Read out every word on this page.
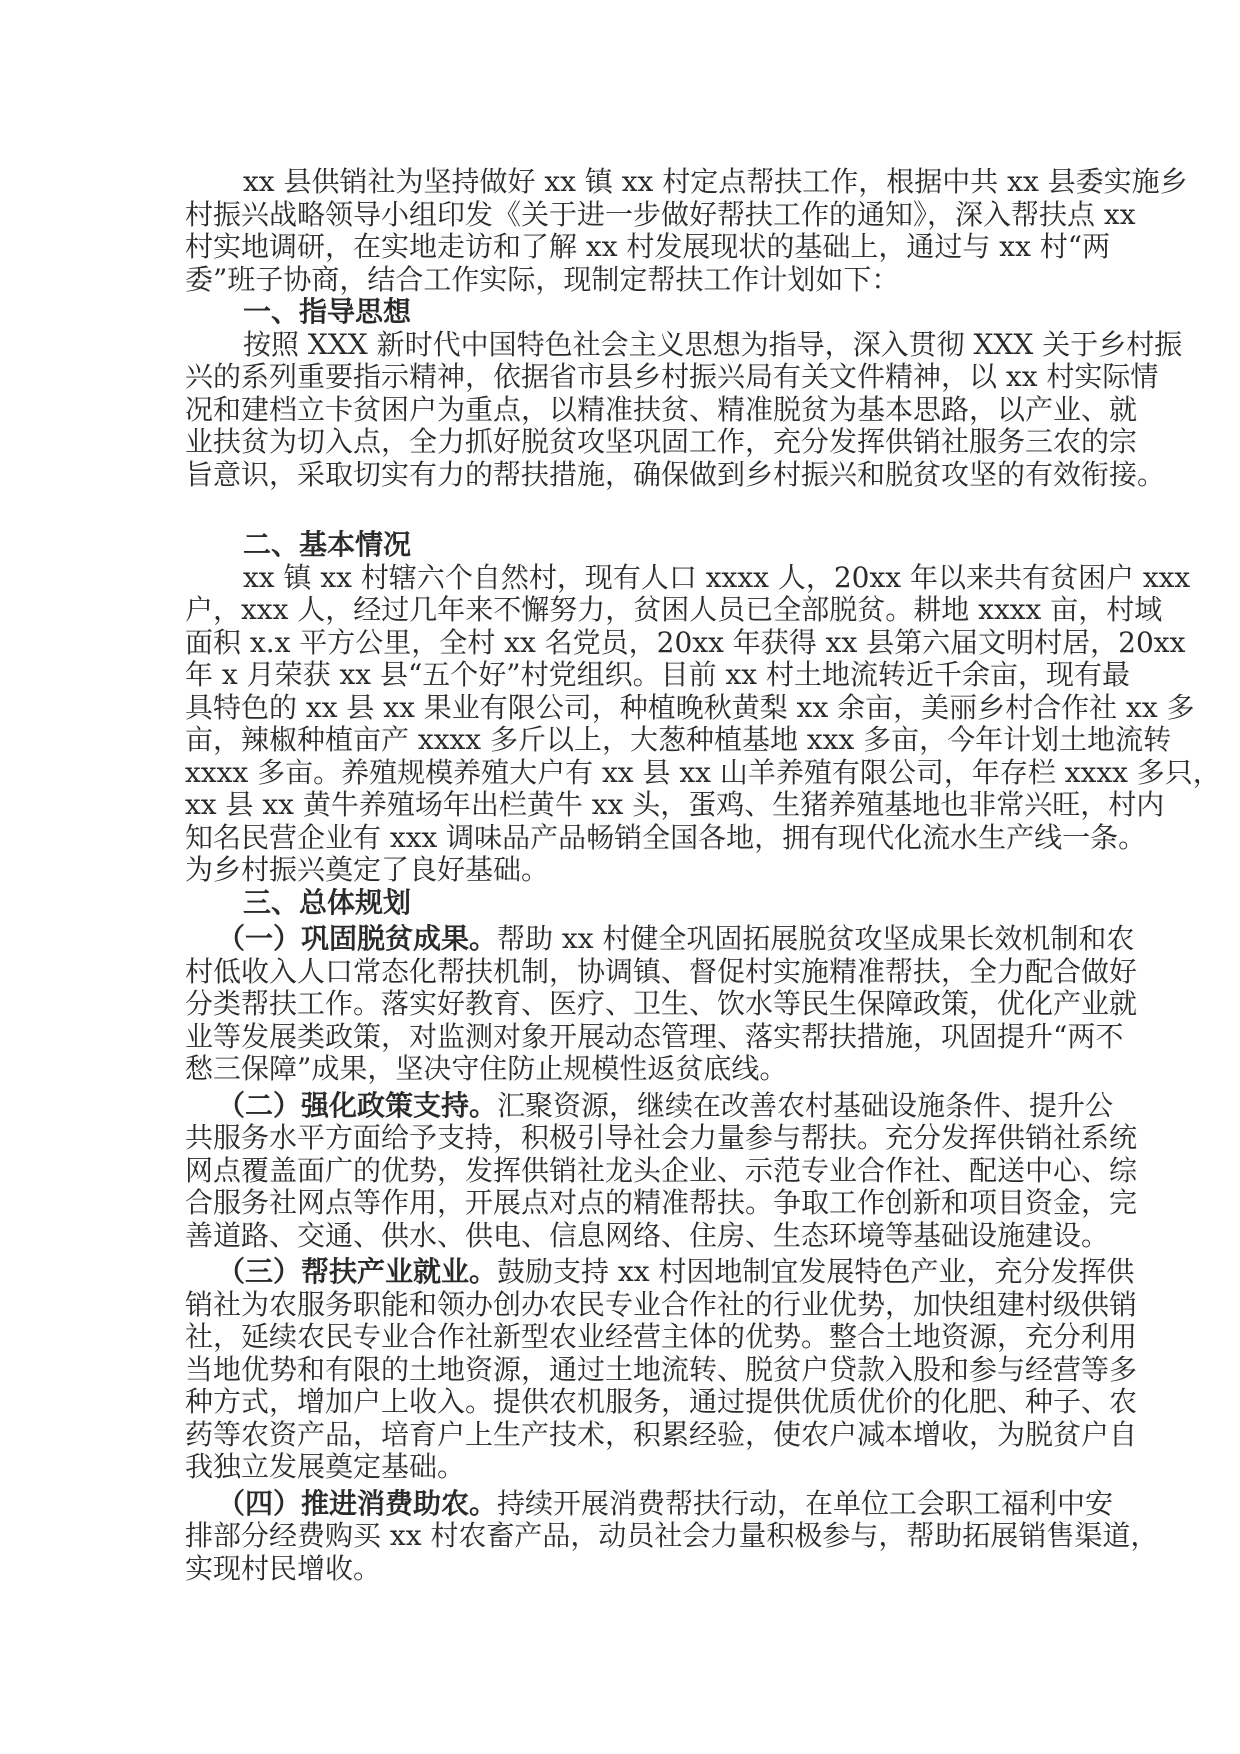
xx 县供销社为坚持做好 xx 镇 xx 村定点帮扶工作，根据中共 xx 县委实施乡
村振兴战略领导小组印发《关于进一步做好帮扶工作的通知》，深入帮扶点 xx
村实地调研，在实地走访和了解 xx 村发展现状的基础上，通过与 xx 村“两
委”班子协商，结合工作实际，现制定帮扶工作计划如下：
一、指导思想
按照 XXX 新时代中国特色社会主义思想为指导，深入贯彻 XXX 关于乡村振
兴的系列重要指示精神，依据省市县乡村振兴局有关文件精神，以 xx 村实际情
况和建档立卡贫困户为重点，以精准扶贫、精准脱贫为基本思路，以产业、就
业扶贫为切入点，全力抓好脱贫攻坚巩固工作，充分发挥供销社服务三农的宗
旨意识，采取切实有力的帮扶措施，确保做到乡村振兴和脱贫攻坚的有效衔接。
二、基本情况
xx 镇 xx 村辖六个自然村，现有人口 xxxx 人，20xx 年以来共有贫困户 xxx
户，xxx 人，经过几年来不懈努力，贫困人员已全部脱贫。耕地 xxxx 亩，村域
面积 x.x 平方公里，全村 xx 名党员，20xx 年获得 xx 县第六届文明村居，20xx
年 x 月荣获 xx 县“五个好”村党组织。目前 xx 村土地流转近千余亩，现有最
具特色的 xx 县 xx 果业有限公司，种植晚秋黄梨 xx 余亩，美丽乡村合作社 xx 多
亩，辣椒种植亩产 xxxx 多斤以上，大葱种植基地 xxx 多亩，今年计划土地流转
xxxx 多亩。养殖规模养殖大户有 xx 县 xx 山羊养殖有限公司，年存栏 xxxx 多只，
xx 县 xx 黄牛养殖场年出栏黄牛 xx 头，蛋鸡、生猪养殖基地也非常兴旺，村内
知名民营企业有 xxx 调味品产品畅销全国各地，拥有现代化流水生产线一条。
为乡村振兴奠定了良好基础。
三、总体规划
（一）巩固脱贫成果。帮助 xx 村健全巩固拓展脱贫攻坚成果长效机制和农
村低收入人口常态化帮扶机制，协调镇、督促村实施精准帮扶，全力配合做好
分类帮扶工作。落实好教育、医疗、卫生、饮水等民生保障政策，优化产业就
业等发展类政策，对监测对象开展动态管理、落实帮扶措施，巩固提升“两不
愁三保障”成果，坚决守住防止规模性返贫底线。
（二）强化政策支持。汇聚资源，继续在改善农村基础设施条件、提升公
共服务水平方面给予支持，积极引导社会力量参与帮扶。充分发挥供销社系统
网点覆盖面广的优势，发挥供销社龙头企业、示范专业合作社、配送中心、综
合服务社网点等作用，开展点对点的精准帮扶。争取工作创新和项目资金，完
善道路、交通、供水、供电、信息网络、住房、生态环境等基础设施建设。
（三）帮扶产业就业。鼓励支持 xx 村因地制宜发展特色产业，充分发挥供
销社为农服务职能和领办创办农民专业合作社的行业优势，加快组建村级供销
社，延续农民专业合作社新型农业经营主体的优势。整合土地资源，充分利用
当地优势和有限的土地资源，通过土地流转、脱贫户贷款入股和参与经营等多
种方式，增加户上收入。提供农机服务，通过提供优质优价的化肥、种子、农
药等农资产品，培育户上生产技术，积累经验，使农户减本增收，为脱贫户自
我独立发展奠定基础。
（四）推进消费助农。持续开展消费帮扶行动，在单位工会职工福利中安
排部分经费购买 xx 村农畜产品，动员社会力量积极参与，帮助拓展销售渠道，
实现村民增收。
